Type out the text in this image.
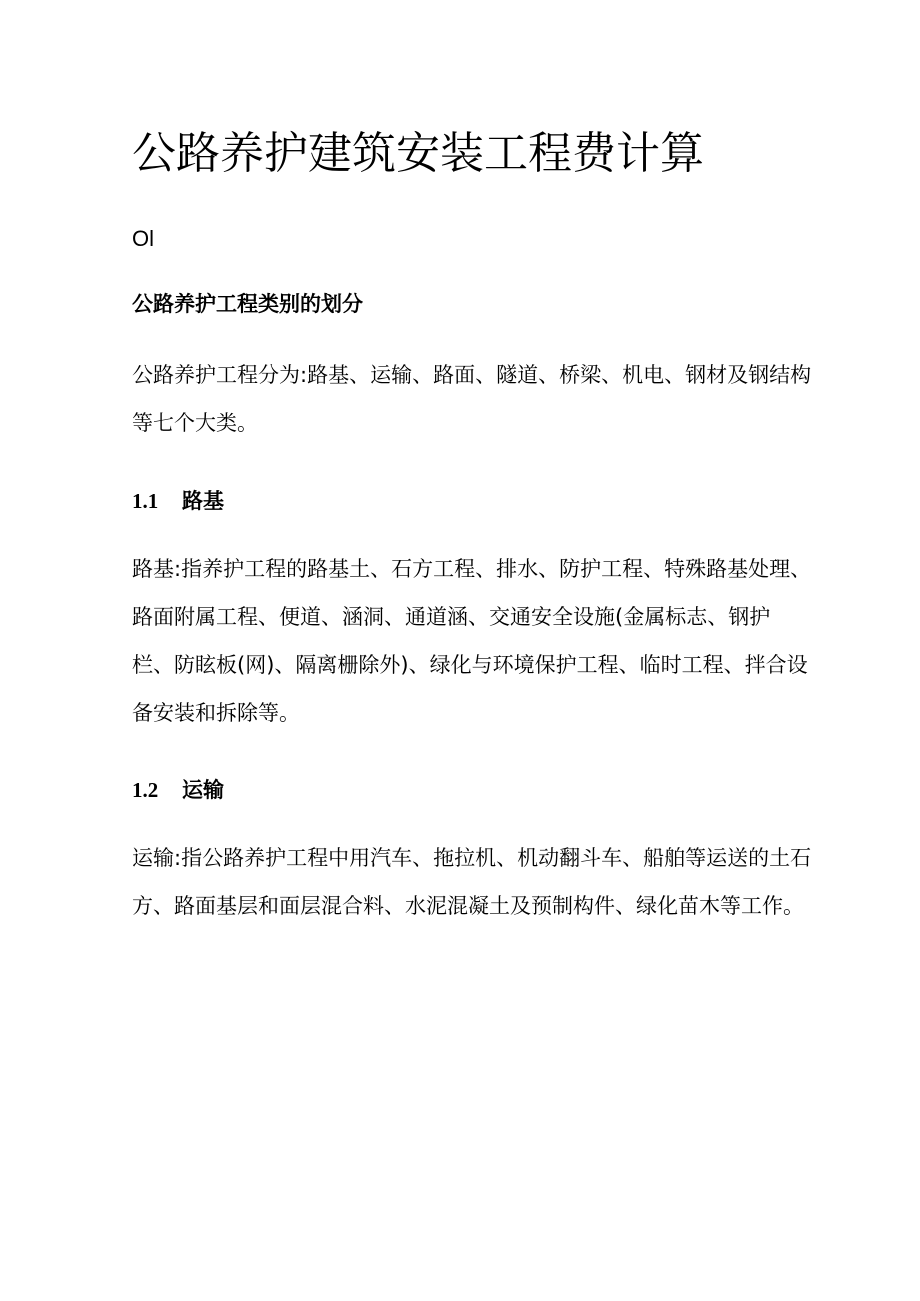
公路养护建筑安装工程费计算

Ol

公路养护工程类别的划分

公路养护工程分为:路基、运输、路面、隧道、桥梁、机电、钢材及钢结构等七个大类。

1.1 路基

路基:指养护工程的路基土、石方工程、排水、防护工程、特殊路基处理、路面附属工程、便道、涵洞、通道涵、交通安全设施(金属标志、钢护栏、防眩板(网)、隔离栅除外)、绿化与环境保护工程、临时工程、拌合设备安装和拆除等。

1.2 运输

运输:指公路养护工程中用汽车、拖拉机、机动翻斗车、船舶等运送的土石方、路面基层和面层混合料、水泥混凝土及预制构件、绿化苗木等工作。
